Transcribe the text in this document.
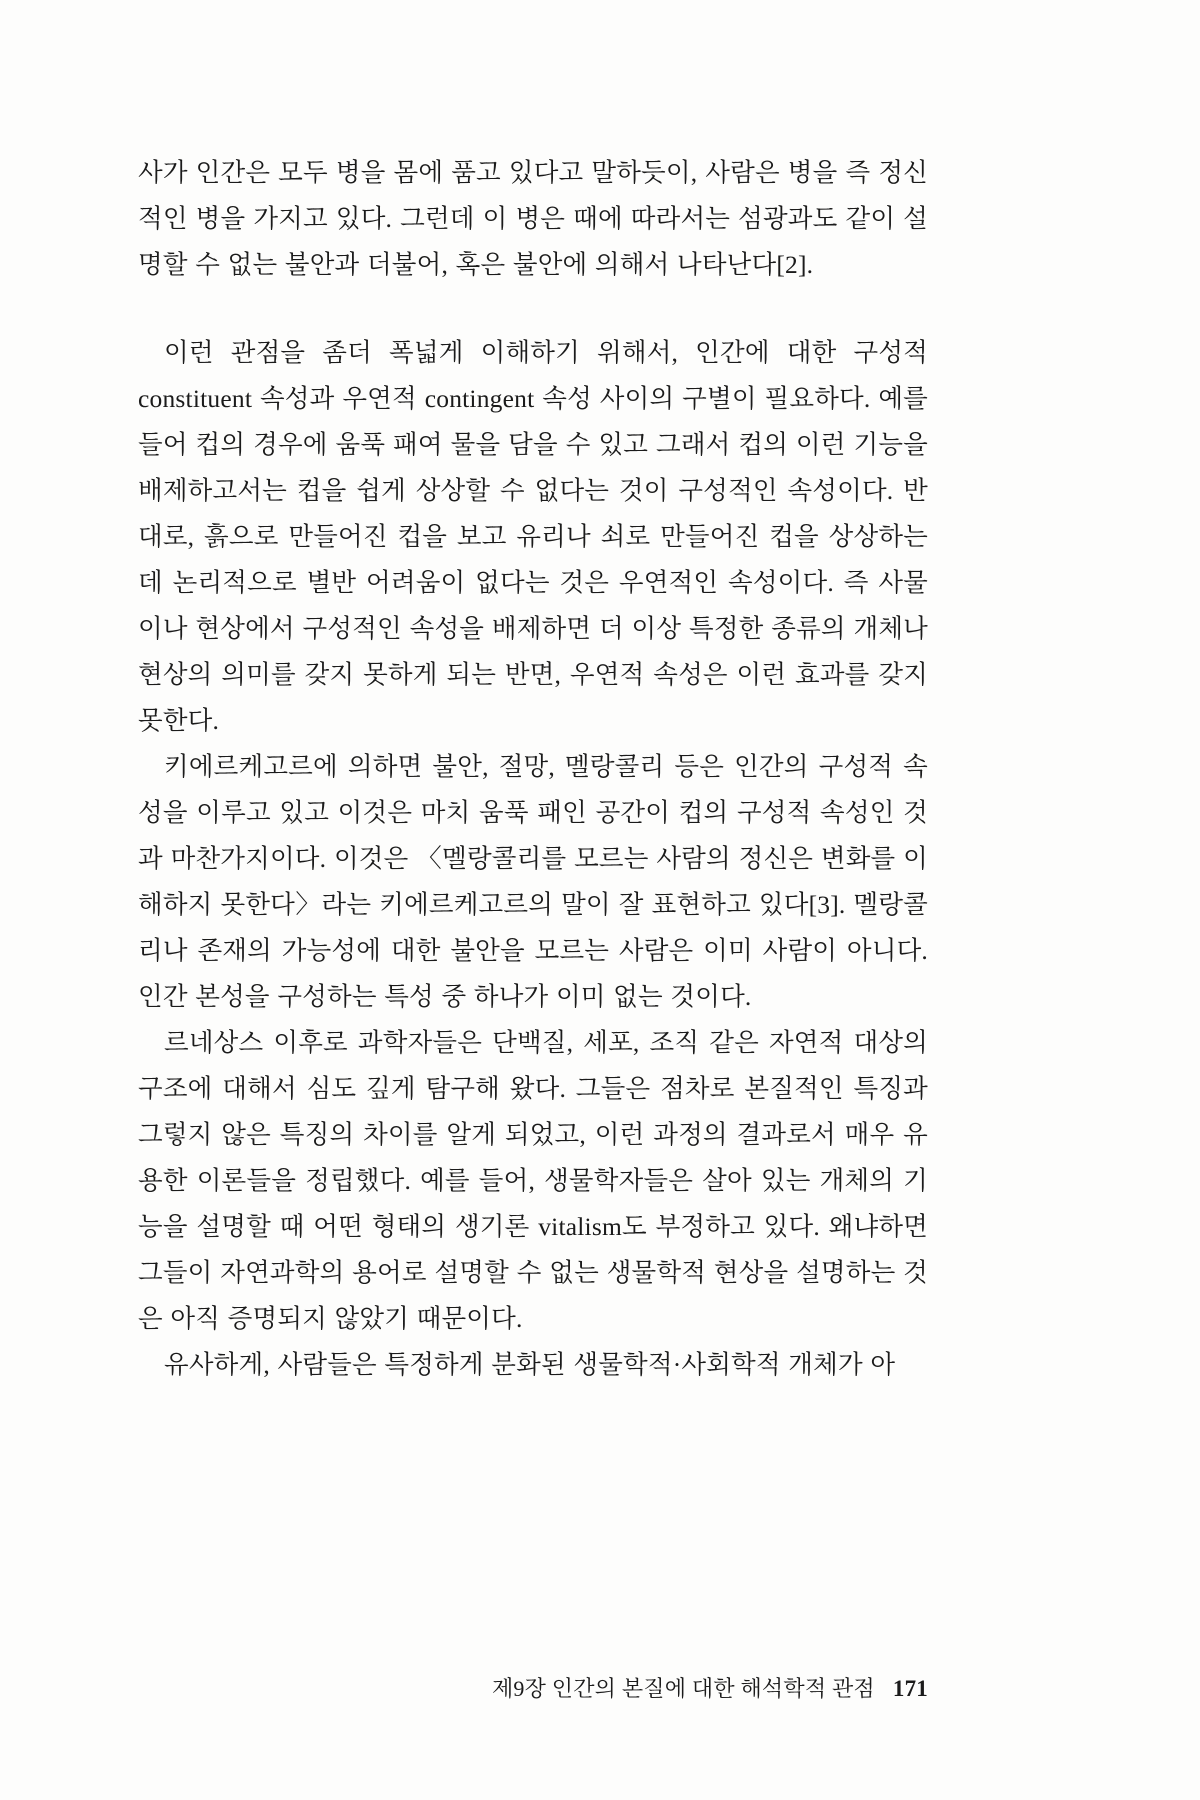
사가 인간은 모두 병을 몸에 품고 있다고 말하듯이, 사람은 병을 즉 정신적인 병을 가지고 있다. 그런데 이 병은 때에 따라서는 섬광과도 같이 설명할 수 없는 불안과 더불어, 혹은 불안에 의해서 나타난다[2].

이런 관점을 좀더 폭넓게 이해하기 위해서, 인간에 대한 구성적 constituent 속성과 우연적 contingent 속성 사이의 구별이 필요하다. 예를 들어 컵의 경우에 움푹 패여 물을 담을 수 있고 그래서 컵의 이런 기능을 배제하고서는 컵을 쉽게 상상할 수 없다는 것이 구성적인 속성이다. 반대로, 흙으로 만들어진 컵을 보고 유리나 쇠로 만들어진 컵을 상상하는 데 논리적으로 별반 어려움이 없다는 것은 우연적인 속성이다. 즉 사물이나 현상에서 구성적인 속성을 배제하면 더 이상 특정한 종류의 개체나 현상의 의미를 갖지 못하게 되는 반면, 우연적 속성은 이런 효과를 갖지 못한다.

키에르케고르에 의하면 불안, 절망, 멜랑콜리 등은 인간의 구성적 속성을 이루고 있고 이것은 마치 움푹 패인 공간이 컵의 구성적 속성인 것과 마찬가지이다. 이것은 〈멜랑콜리를 모르는 사람의 정신은 변화를 이해하지 못한다〉라는 키에르케고르의 말이 잘 표현하고 있다[3]. 멜랑콜리나 존재의 가능성에 대한 불안을 모르는 사람은 이미 사람이 아니다. 인간 본성을 구성하는 특성 중 하나가 이미 없는 것이다.

르네상스 이후로 과학자들은 단백질, 세포, 조직 같은 자연적 대상의 구조에 대해서 심도 깊게 탐구해 왔다. 그들은 점차로 본질적인 특징과 그렇지 않은 특징의 차이를 알게 되었고, 이런 과정의 결과로서 매우 유용한 이론들을 정립했다. 예를 들어, 생물학자들은 살아 있는 개체의 기능을 설명할 때 어떤 형태의 생기론 vitalism도 부정하고 있다. 왜냐하면 그들이 자연과학의 용어로 설명할 수 없는 생물학적 현상을 설명하는 것은 아직 증명되지 않았기 때문이다.

유사하게, 사람들은 특정하게 분화된 생물학적·사회학적 개체가 아

제9장 인간의 본질에 대한 해석학적 관점 171
